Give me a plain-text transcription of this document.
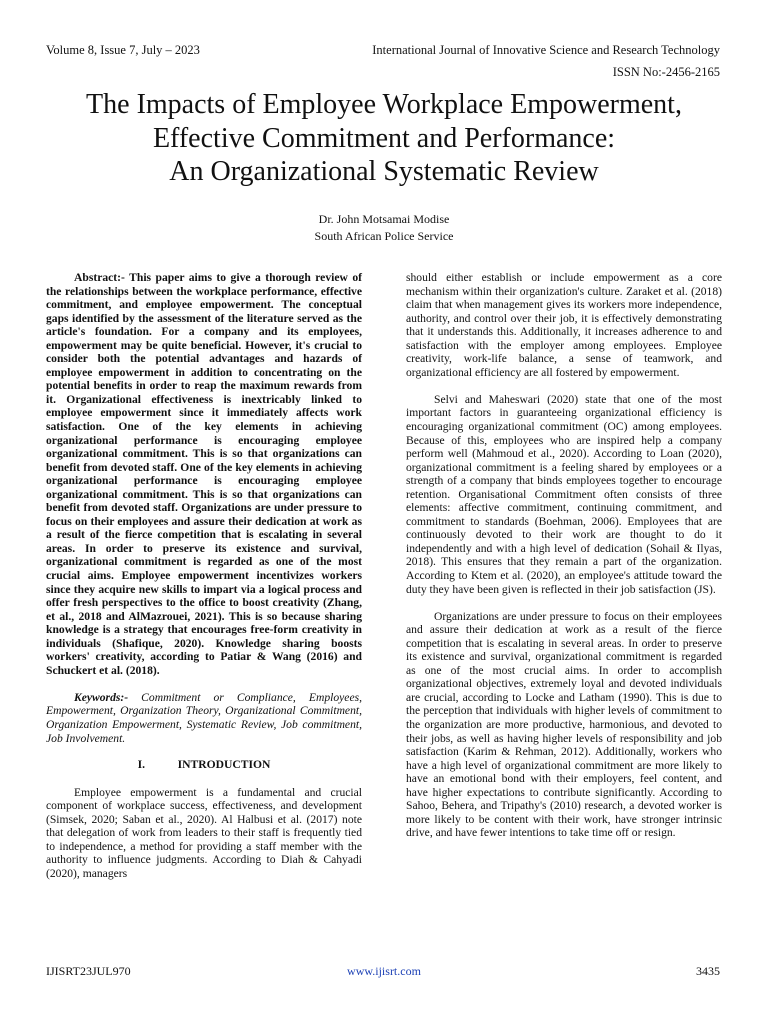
Volume 8, Issue 7, July – 2023	International Journal of Innovative Science and Research Technology
ISSN No:-2456-2165
The Impacts of Employee Workplace Empowerment,
Effective Commitment and Performance:
An Organizational Systematic Review
Dr. John Motsamai Modise
South African Police Service

Abstract:- This paper aims to give a thorough review of the relationships between the workplace performance, effective commitment, and employee empowerment. The conceptual gaps identified by the assessment of the literature served as the article's foundation. For a company and its employees, empowerment may be quite beneficial. However, it's crucial to consider both the potential advantages and hazards of employee empowerment in addition to concentrating on the potential benefits in order to reap the maximum rewards from it. Organizational effectiveness is inextricably linked to employee empowerment since it immediately affects work satisfaction. One of the key elements in achieving organizational performance is encouraging employee organizational commitment. This is so that organizations can benefit from devoted staff. One of the key elements in achieving organizational performance is encouraging employee organizational commitment. This is so that organizations can benefit from devoted staff. Organizations are under pressure to focus on their employees and assure their dedication at work as a result of the fierce competition that is escalating in several areas. In order to preserve its existence and survival, organizational commitment is regarded as one of the most crucial aims. Employee empowerment incentivizes workers since they acquire new skills to impart via a logical process and offer fresh perspectives to the office to boost creativity (Zhang, et al., 2018 and AlMazrouei, 2021). This is so because sharing knowledge is a strategy that encourages free-form creativity in individuals (Shafique, 2020). Knowledge sharing boosts workers' creativity, according to Patiar & Wang (2016) and Schuckert et al. (2018).

Keywords:- Commitment or Compliance, Employees, Empowerment, Organization Theory, Organizational Commitment, Organization Empowerment, Systematic Review, Job commitment, Job Involvement.

I.	INTRODUCTION

Employee empowerment is a fundamental and crucial component of workplace success, effectiveness, and development (Simsek, 2020; Saban et al., 2020). Al Halbusi et al. (2017) note that delegation of work from leaders to their staff is frequently tied to independence, a method for providing a staff member with the authority to influence judgments. According to Diah & Cahyadi (2020), managers

should either establish or include empowerment as a core mechanism within their organization's culture. Zaraket et al. (2018) claim that when management gives its workers more independence, authority, and control over their job, it is effectively demonstrating that it understands this. Additionally, it increases adherence to and satisfaction with the employer among employees. Employee creativity, work-life balance, a sense of teamwork, and organizational efficiency are all fostered by empowerment.

Selvi and Maheswari (2020) state that one of the most important factors in guaranteeing organizational efficiency is encouraging organizational commitment (OC) among employees. Because of this, employees who are inspired help a company perform well (Mahmoud et al., 2020). According to Loan (2020), organizational commitment is a feeling shared by employees or a strength of a company that binds employees together to encourage retention. Organisational Commitment often consists of three elements: affective commitment, continuing commitment, and commitment to standards (Boehman, 2006). Employees that are continuously devoted to their work are thought to do it independently and with a high level of dedication (Sohail & Ilyas, 2018). This ensures that they remain a part of the organization. According to Ktem et al. (2020), an employee's attitude toward the duty they have been given is reflected in their job satisfaction (JS).

Organizations are under pressure to focus on their employees and assure their dedication at work as a result of the fierce competition that is escalating in several areas. In order to preserve its existence and survival, organizational commitment is regarded as one of the most crucial aims. In order to accomplish organizational objectives, extremely loyal and devoted individuals are crucial, according to Locke and Latham (1990). This is due to the perception that individuals with higher levels of commitment to the organization are more productive, harmonious, and devoted to their jobs, as well as having higher levels of responsibility and job satisfaction (Karim & Rehman, 2012). Additionally, workers who have a high level of organizational commitment are more likely to have an emotional bond with their employers, feel content, and have higher expectations to contribute significantly. According to Sahoo, Behera, and Tripathy's (2010) research, a devoted worker is more likely to be content with their work, have stronger intrinsic drive, and have fewer intentions to take time off or resign.

IJISRT23JUL970	www.ijisrt.com	3435
